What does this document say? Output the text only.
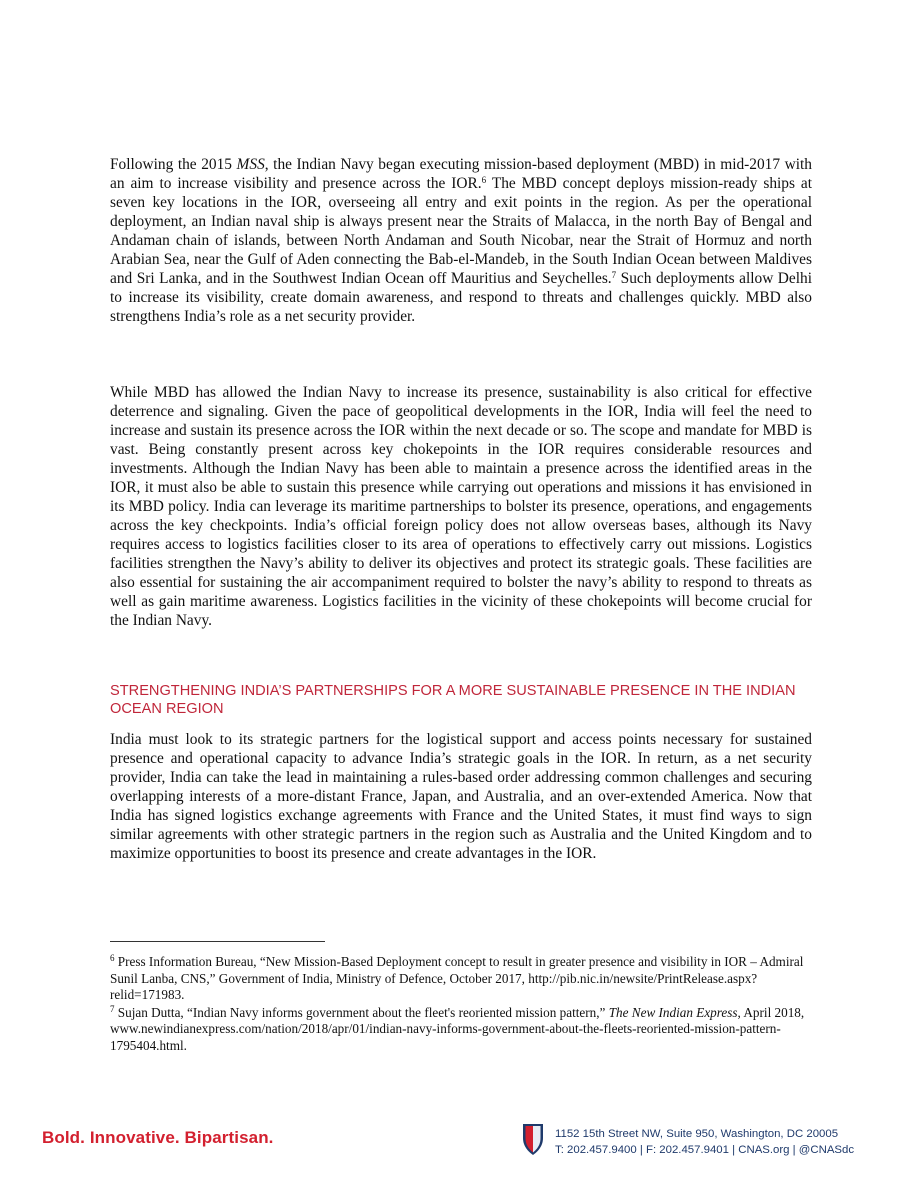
Following the 2015 MSS, the Indian Navy began executing mission-based deployment (MBD) in mid-2017 with an aim to increase visibility and presence across the IOR.$^6$ The MBD concept deploys mission-ready ships at seven key locations in the IOR, overseeing all entry and exit points in the region. As per the operational deployment, an Indian naval ship is always present near the Straits of Malacca, in the north Bay of Bengal and Andaman chain of islands, between North Andaman and South Nicobar, near the Strait of Hormuz and north Arabian Sea, near the Gulf of Aden connecting the Bab-el-Mandeb, in the South Indian Ocean between Maldives and Sri Lanka, and in the Southwest Indian Ocean off Mauritius and Seychelles.$^7$ Such deployments allow Delhi to increase its visibility, create domain awareness, and respond to threats and challenges quickly. MBD also strengthens India’s role as a net security provider.

While MBD has allowed the Indian Navy to increase its presence, sustainability is also critical for effective deterrence and signaling. Given the pace of geopolitical developments in the IOR, India will feel the need to increase and sustain its presence across the IOR within the next decade or so. The scope and mandate for MBD is vast. Being constantly present across key chokepoints in the IOR requires considerable resources and investments. Although the Indian Navy has been able to maintain a presence across the identified areas in the IOR, it must also be able to sustain this presence while carrying out operations and missions it has envisioned in its MBD policy. India can leverage its maritime partnerships to bolster its presence, operations, and engagements across the key checkpoints. India’s official foreign policy does not allow overseas bases, although its Navy requires access to logistics facilities closer to its area of operations to effectively carry out missions. Logistics facilities strengthen the Navy’s ability to deliver its objectives and protect its strategic goals. These facilities are also essential for sustaining the air accompaniment required to bolster the navy’s ability to respond to threats as well as gain maritime awareness. Logistics facilities in the vicinity of these chokepoints will become crucial for the Indian Navy.

STRENGTHENING INDIA’S PARTNERSHIPS FOR A MORE SUSTAINABLE PRESENCE IN THE INDIAN OCEAN REGION

India must look to its strategic partners for the logistical support and access points necessary for sustained presence and operational capacity to advance India’s strategic goals in the IOR. In return, as a net security provider, India can take the lead in maintaining a rules-based order addressing common challenges and securing overlapping interests of a more-distant France, Japan, and Australia, and an over-extended America. Now that India has signed logistics exchange agreements with France and the United States, it must find ways to sign similar agreements with other strategic partners in the region such as Australia and the United Kingdom and to maximize opportunities to boost its presence and create advantages in the IOR.

$^6$ Press Information Bureau, “New Mission-Based Deployment concept to result in greater presence and visibility in IOR – Admiral Sunil Lanba, CNS,” Government of India, Ministry of Defence, October 2017, http://pib.nic.in/newsite/PrintRelease.aspx?relid=171983.

$^7$ Sujan Dutta, “Indian Navy informs government about the fleet's reoriented mission pattern,” The New Indian Express, April 2018, www.newindianexpress.com/nation/2018/apr/01/indian-navy-informs-government-about-the-fleets-reoriented-mission-pattern-1795404.html.

Bold. Innovative. Bipartisan.	1152 15th Street NW, Suite 950, Washington, DC 20005
T: 202.457.9400 | F: 202.457.9401 | CNAS.org | @CNASdc
